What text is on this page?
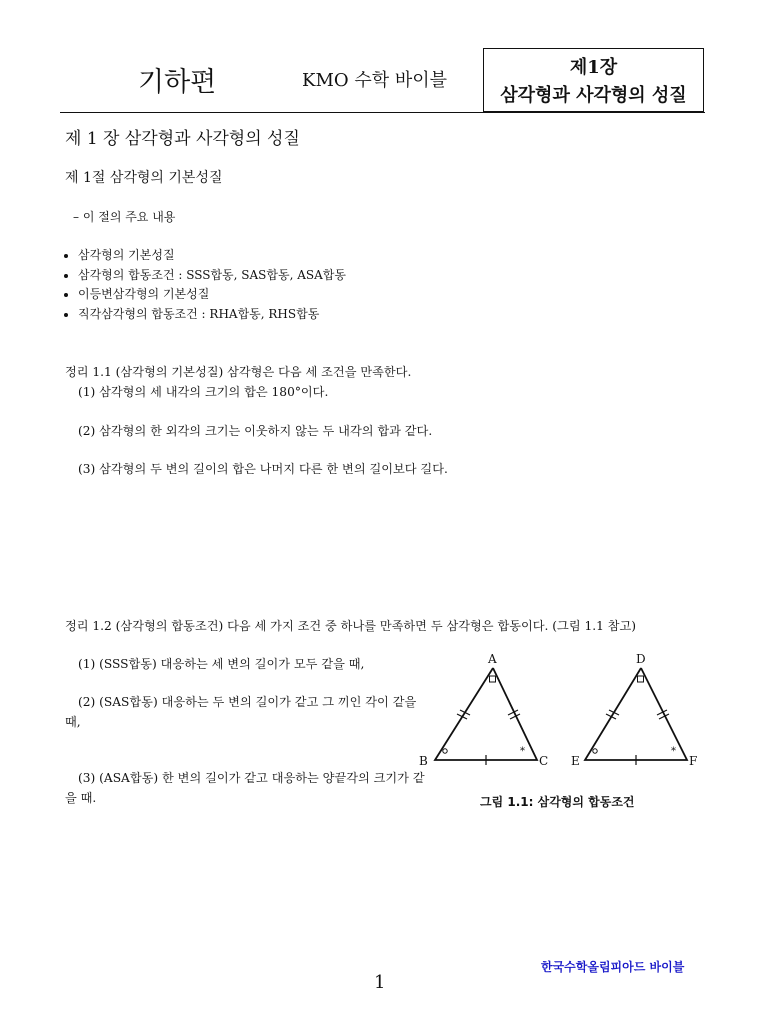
기하편	KMO 수학 바이블
제1장
삼각형과 사각형의 성질
제 1 장 삼각형과 사각형의 성질
제 1절 삼각형의 기본성질
– 이 절의 주요 내용
• 삼각형의 기본성질
• 삼각형의 합동조건 : SSS합동, SAS합동, ASA합동
• 이등변삼각형의 기본성질
• 직각삼각형의 합동조건 : RHA합동, RHS합동
정리 1.1 (삼각형의 기본성질) 삼각형은 다음 세 조건을 만족한다.
(1) 삼각형의 세 내각의 크기의 합은 180°이다.
(2) 삼각형의 한 외각의 크기는 이웃하지 않는 두 내각의 합과 같다.
(3) 삼각형의 두 변의 길이의 합은 나머지 다른 한 변의 길이보다 길다.
정리 1.2 (삼각형의 합동조건) 다음 세 가지 조건 중 하나를 만족하면 두 삼각형은 합동이다. (그림 1.1 참고)
(1) (SSS합동) 대응하는 세 변의 길이가 모두 같을 때,
(2) (SAS합동) 대응하는 두 변의 길이가 같고 그 끼인 각이 같을 때,
(3) (ASA합동) 한 변의 길이가 같고 대응하는 양끝각의 크기가 같을 때.
*
A
B	C
*
D
E	F
그림 1.1: 삼각형의 합동조건
한국수학올림피아드 바이블
1
